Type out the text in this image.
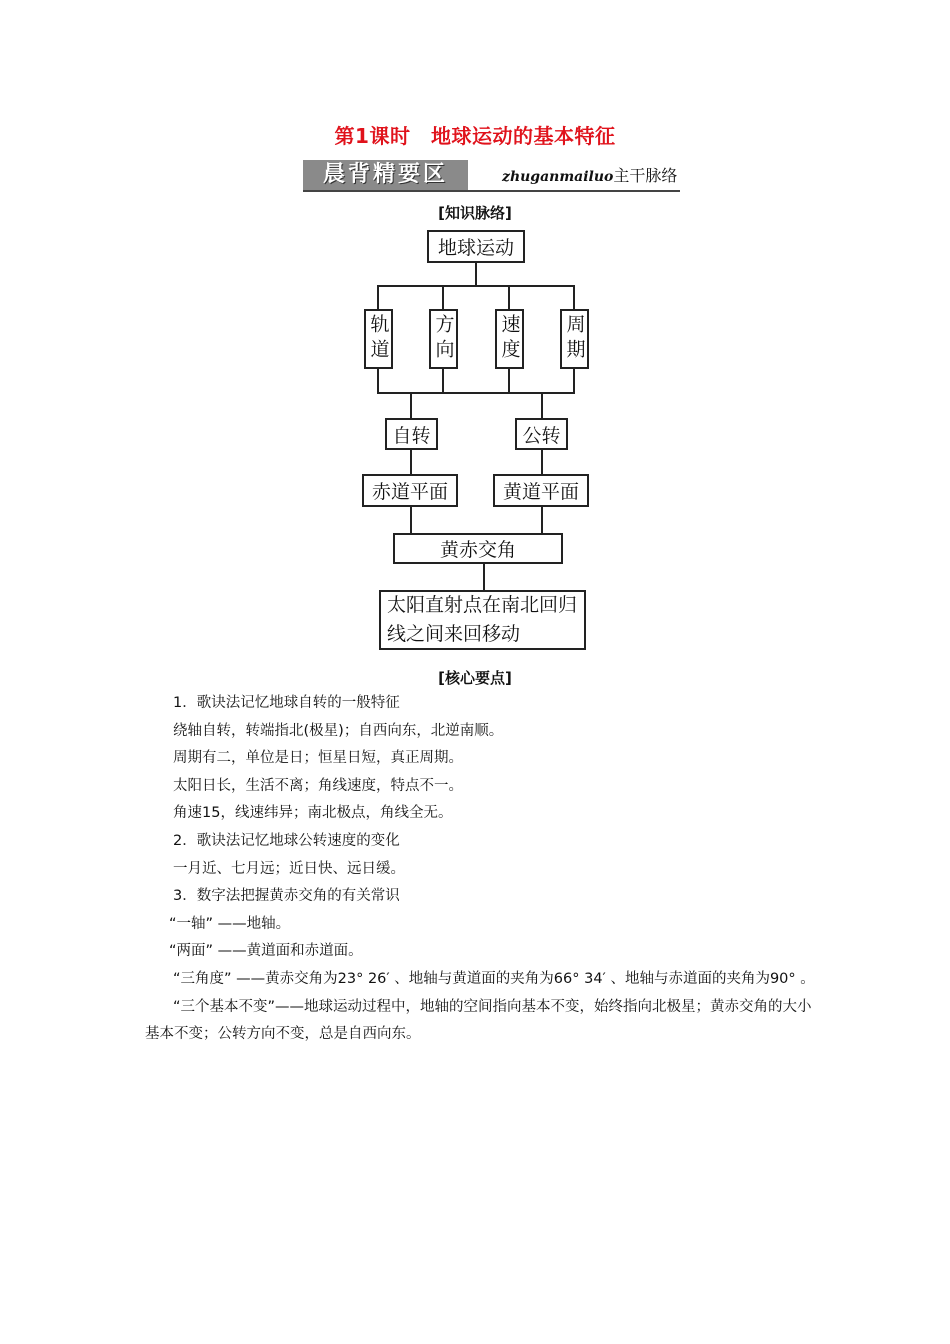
第1课时　地球运动的基本特征
晨背精要区	zhuganmailuo主干脉络
[知识脉络]
地球运动
轨道 方向 速度 周期
自转	公转
赤道平面	黄道平面
黄赤交角
太阳直射点在南北回归线之间来回移动
[核心要点]

1．歌诀法记忆地球自转的一般特征

绕轴自转，转端指北(极星)；自西向东，北逆南顺。

周期有二，单位是日；恒星日短，真正周期。

太阳日长，生活不离；角线速度，特点不一。

角速15，线速纬异；南北极点，角线全无。

2．歌诀法记忆地球公转速度的变化

一月近、七月远；近日快、远日缓。

3．数字法把握黄赤交角的有关常识

“一轴” ——地轴。

“两面” ——黄道面和赤道面。

“三角度” ——黄赤交角为23° 26′ 、地轴与黄道面的夹角为66° 34′ 、地轴与赤道面的夹角为90° 。

“三个基本不变”——地球运动过程中，地轴的空间指向基本不变，始终指向北极星；黄赤交角的大小基本不变；公转方向不变，总是自西向东。
